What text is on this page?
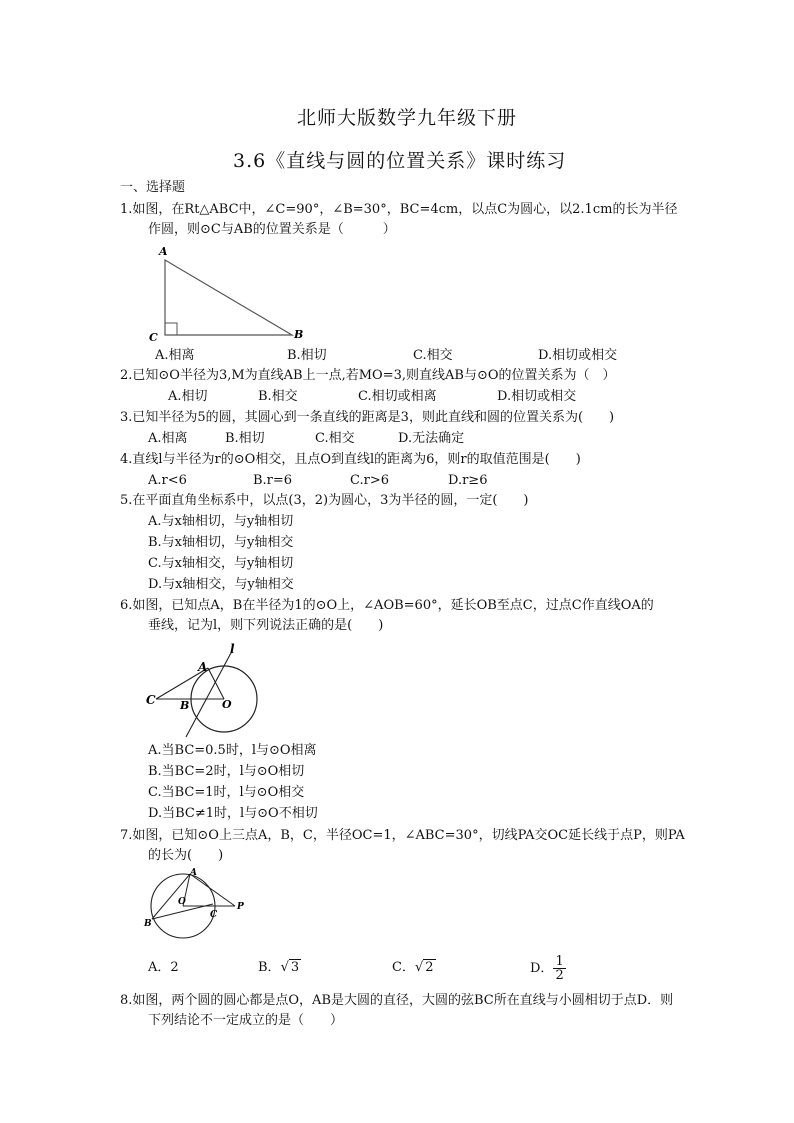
北师大版数学九年级下册
3.6《直线与圆的位置关系》课时练习
一、选择题
1.如图，在Rt△ABC中，∠C=90°，∠B=30°，BC=4cm，以点C为圆心，以2.1cm的长为半径
作圆，则⊙C与AB的位置关系是（　　　）
A
C	B
A.相离	B.相切	C.相交	D.相切或相交
2.已知⊙O半径为3,M为直线AB上一点,若MO=3,则直线AB与⊙O的位置关系为（　）
A.相切	B.相交	C.相切或相离	D.相切或相交
3.已知半径为5的圆，其圆心到一条直线的距离是3，则此直线和圆的位置关系为(　　)
A.相离	B.相切	C.相交	D.无法确定
4.直线l与半径为r的⊙O相交，且点O到直线l的距离为6，则r的取值范围是(　　)
A.r<6	B.r=6	C.r>6	D.r≥6
5.在平面直角坐标系中，以点(3，2)为圆心，3为半径的圆，一定(　　)
A.与x轴相切，与y轴相切
B.与x轴相切，与y轴相交
C.与x轴相交，与y轴相切
D.与x轴相交，与y轴相交
6.如图，已知点A，B在半径为1的⊙O上，∠AOB=60°，延长OB至点C，过点C作直线OA的
垂线，记为l，则下列说法正确的是(　　)
A
B
C	O
l
A.当BC=0.5时，l与⊙O相离
B.当BC=2时，l与⊙O相切
C.当BC=1时，l与⊙O相交
D.当BC≠1时，l与⊙O不相切
7.如图，已知⊙O上三点A，B，C，半径OC=1，∠ABC=30°，切线PA交OC延长线于点P，则PA
的长为(　　)
A
B
C
O	P
A．2	B．√ 3	C．√ 2	D． $\frac{1}{2}$
8.如图，两个圆的圆心都是点O，AB是大圆的直径，大圆的弦BC所在直线与小圆相切于点D．则
下列结论不一定成立的是（　　）
